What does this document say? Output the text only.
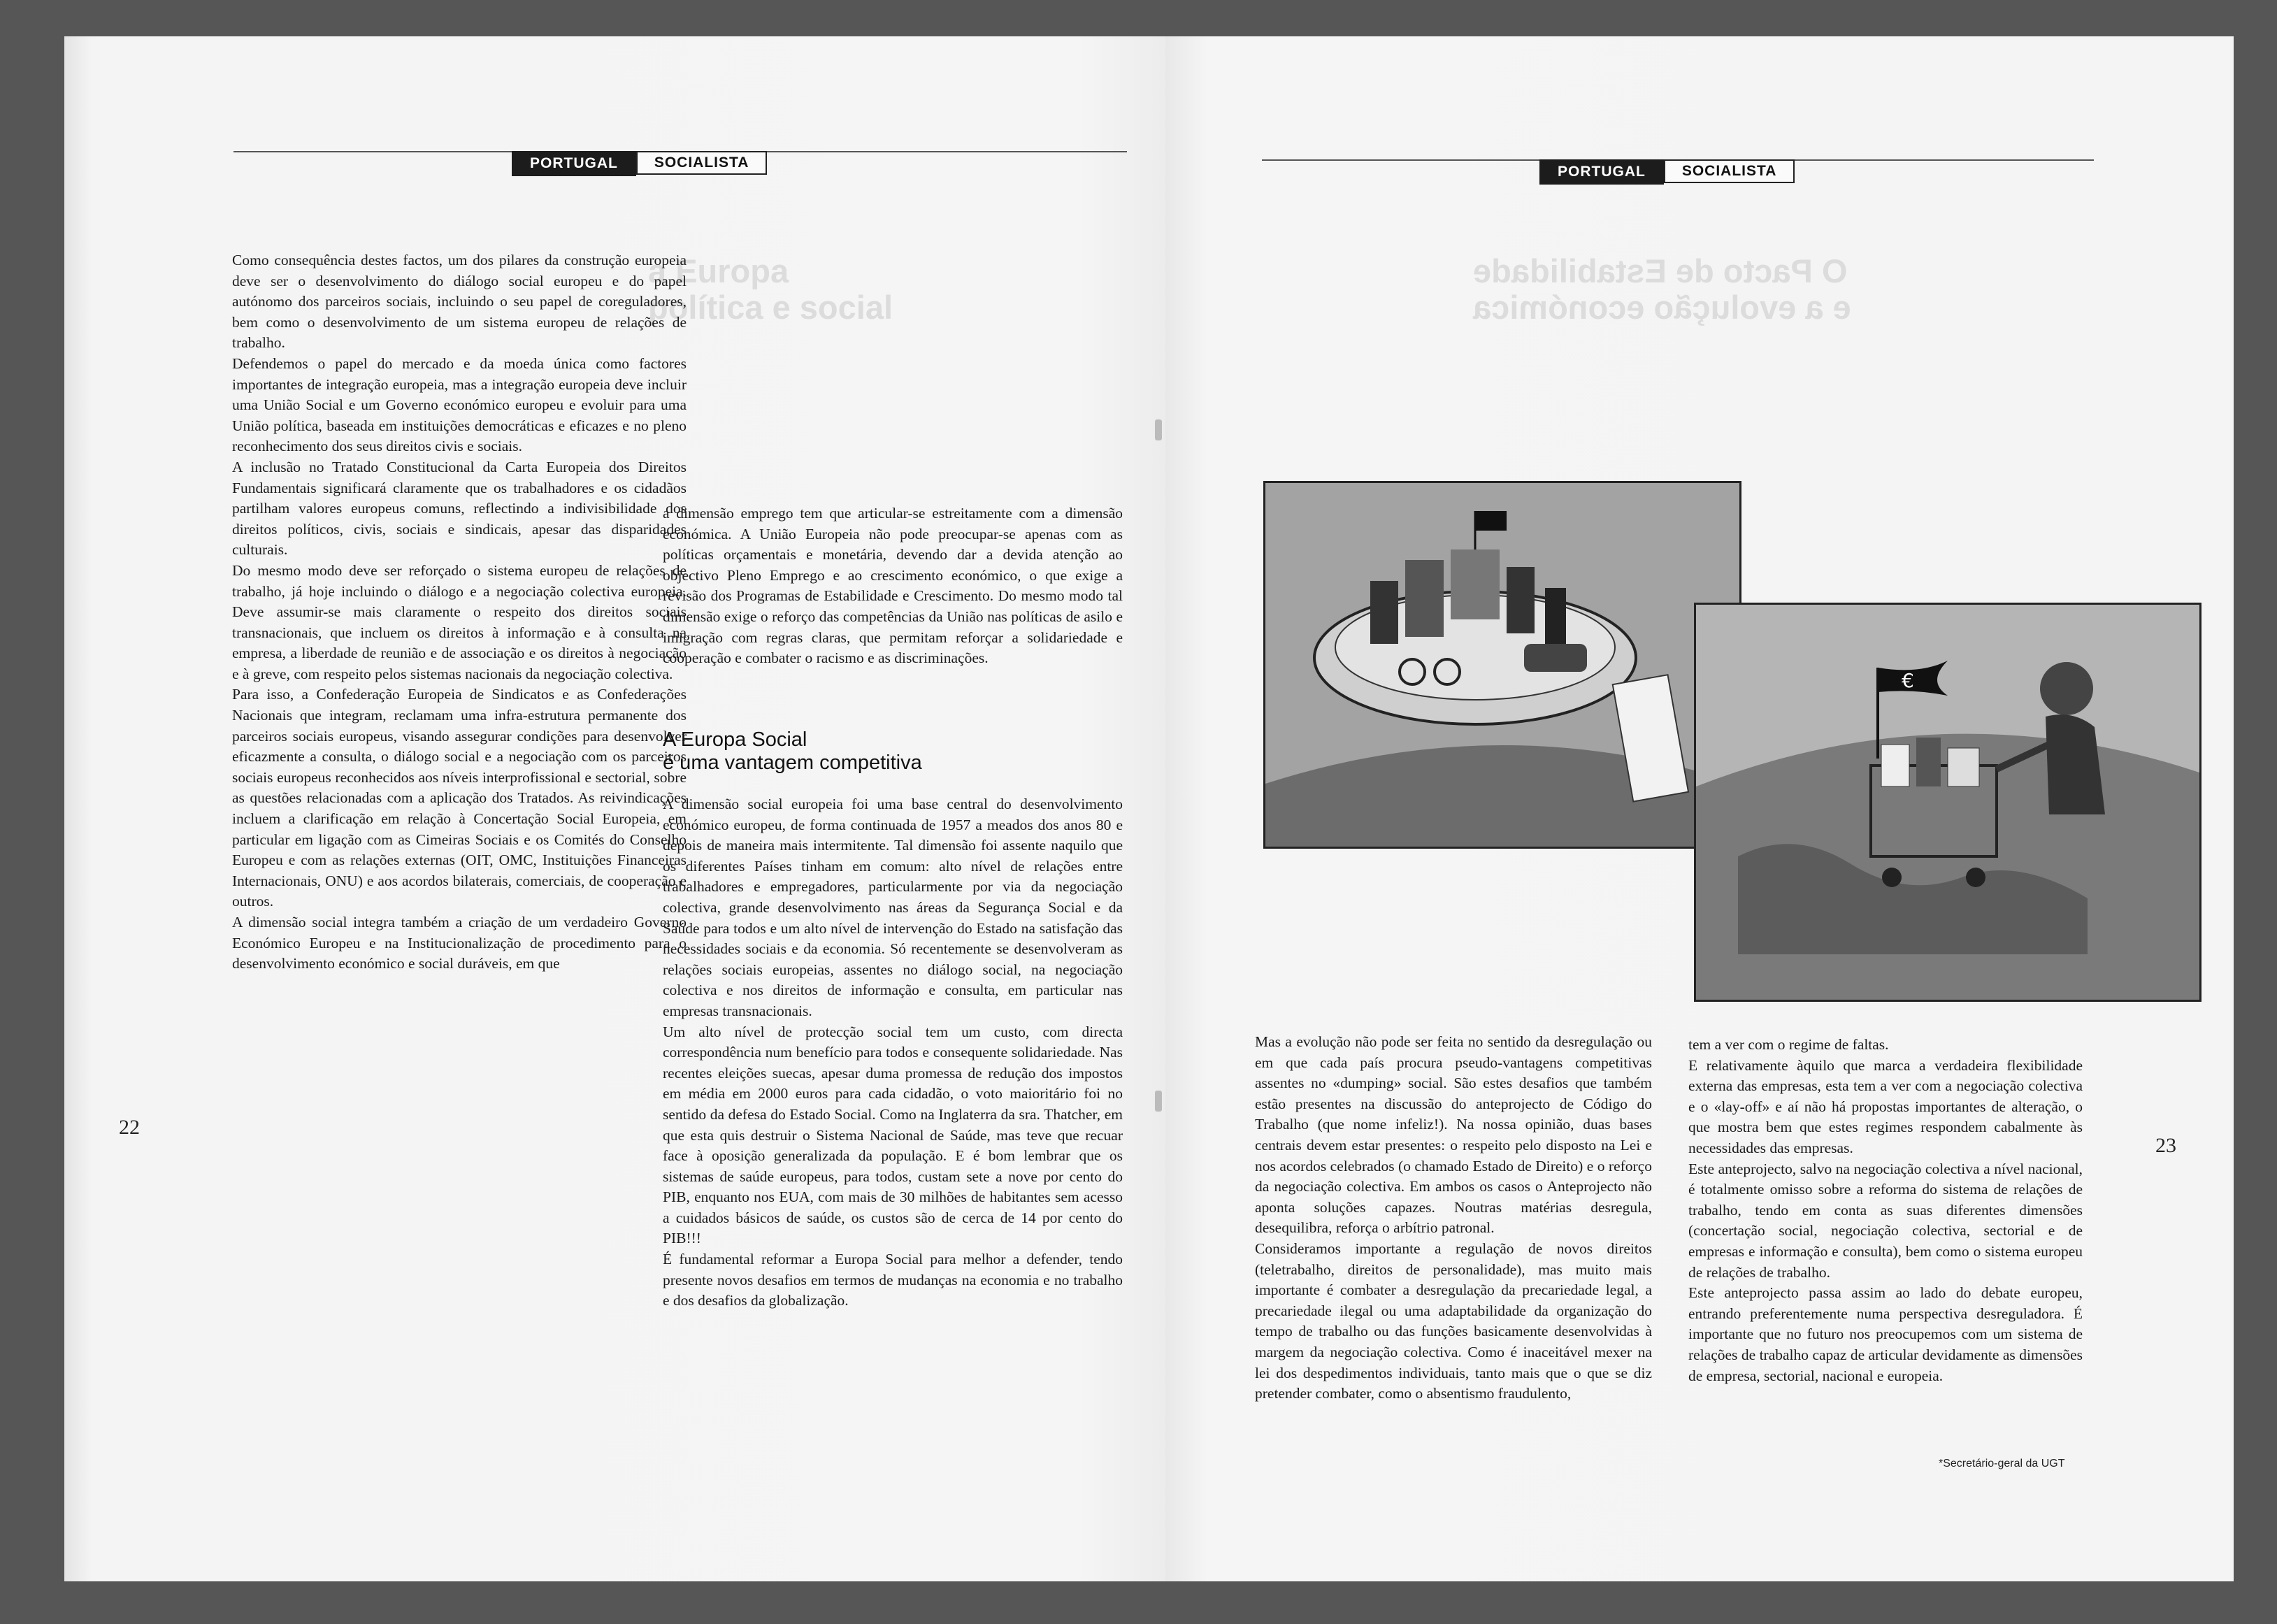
PORTUGAL	SOCIALISTA
a Europa
política e social

Como consequência destes factos, um dos pilares da construção europeia deve ser o desenvolvimento do diálogo social europeu e do papel autónomo dos parceiros sociais, incluindo o seu papel de coreguladores, bem como o desenvolvimento de um sistema europeu de relações de trabalho.

Defendemos o papel do mercado e da moeda única como factores importantes de integração europeia, mas a integração europeia deve incluir uma União Social e um Governo económico europeu e evoluir para uma União política, baseada em instituições democráticas e eficazes e no pleno reconhecimento dos seus direitos civis e sociais.

A inclusão no Tratado Constitucional da Carta Europeia dos Direitos Fundamentais significará claramente que os trabalhadores e os cidadãos partilham valores europeus comuns, reflectindo a indivisibilidade dos direitos políticos, civis, sociais e sindicais, apesar das disparidades culturais.

Do mesmo modo deve ser reforçado o sistema europeu de relações de trabalho, já hoje incluindo o diálogo e a negociação colectiva europeia. Deve assumir-se mais claramente o respeito dos direitos sociais transnacionais, que incluem os direitos à informação e à consulta na empresa, a liberdade de reunião e de associação e os direitos à negociação e à greve, com respeito pelos sistemas nacionais da negociação colectiva.

Para isso, a Confederação Europeia de Sindicatos e as Confederações Nacionais que integram, reclamam uma infra-estrutura permanente dos parceiros sociais europeus, visando assegurar condições para desenvolver eficazmente a consulta, o diálogo social e a negociação com os parceiros sociais europeus reconhecidos aos níveis interprofissional e sectorial, sobre as questões relacionadas com a aplicação dos Tratados. As reivindicações incluem a clarificação em relação à Concertação Social Europeia, em particular em ligação com as Cimeiras Sociais e os Comités do Conselho Europeu e com as relações externas (OIT, OMC, Instituições Financeiras Internacionais, ONU) e aos acordos bilaterais, comerciais, de cooperação e outros.

A dimensão social integra também a criação de um verdadeiro Governo Económico Europeu e na Institucionalização de procedimento para o desenvolvimento económico e social duráveis, em que

a dimensão emprego tem que articular-se estreitamente com a dimensão económica. A União Europeia não pode preocupar-se apenas com as políticas orçamentais e monetária, devendo dar a devida atenção ao objectivo Pleno Emprego e ao crescimento económico, o que exige a revisão dos Programas de Estabilidade e Crescimento. Do mesmo modo tal dimensão exige o reforço das competências da União nas políticas de asilo e imigração com regras claras, que permitam reforçar a solidariedade e cooperação e combater o racismo e as discriminações.

A Europa Social
é uma vantagem competitiva

A dimensão social europeia foi uma base central do desenvolvimento económico europeu, de forma continuada de 1957 a meados dos anos 80 e depois de maneira mais intermitente. Tal dimensão foi assente naquilo que os diferentes Países tinham em comum: alto nível de relações entre trabalhadores e empregadores, particularmente por via da negociação colectiva, grande desenvolvimento nas áreas da Segurança Social e da Saúde para todos e um alto nível de intervenção do Estado na satisfação das necessidades sociais e da economia. Só recentemente se desenvolveram as relações sociais europeias, assentes no diálogo social, na negociação colectiva e nos direitos de informação e consulta, em particular nas empresas transnacionais.

Um alto nível de protecção social tem um custo, com directa correspondência num benefício para todos e consequente solidariedade. Nas recentes eleições suecas, apesar duma promessa de redução dos impostos em média em 2000 euros para cada cidadão, o voto maioritário foi no sentido da defesa do Estado Social. Como na Inglaterra da sra. Thatcher, em que esta quis destruir o Sistema Nacional de Saúde, mas teve que recuar face à oposição generalizada da população. E é bom lembrar que os sistemas de saúde europeus, para todos, custam sete a nove por cento do PIB, enquanto nos EUA, com mais de 30 milhões de habitantes sem acesso a cuidados básicos de saúde, os custos são de cerca de 14 por cento do PIB!!!

É fundamental reformar a Europa Social para melhor a defender, tendo presente novos desafios em termos de mudanças na economia e no trabalho e dos desafios da globalização.

22
PORTUGAL	SOCIALISTA
O Pacto de Estabilidade
e a evolução económica
€

Mas a evolução não pode ser feita no sentido da desregulação ou em que cada país procura pseudo-vantagens competitivas assentes no «dumping» social. São estes desafios que também estão presentes na discussão do anteprojecto de Código do Trabalho (que nome infeliz!). Na nossa opinião, duas bases centrais devem estar presentes: o respeito pelo disposto na Lei e nos acordos celebrados (o chamado Estado de Direito) e o reforço da negociação colectiva. Em ambos os casos o Anteprojecto não aponta soluções capazes. Noutras matérias desregula, desequilibra, reforça o arbítrio patronal.

Consideramos importante a regulação de novos direitos (teletrabalho, direitos de personalidade), mas muito mais importante é combater a desregulação da precariedade legal, a precariedade ilegal ou uma adaptabilidade da organização do tempo de trabalho ou das funções basicamente desenvolvidas à margem da negociação colectiva. Como é inaceitável mexer na lei dos despedimentos individuais, tanto mais que o que se diz pretender combater, como o absentismo fraudulento,

tem a ver com o regime de faltas.

E relativamente àquilo que marca a verdadeira flexibilidade externa das empresas, esta tem a ver com a negociação colectiva e o «lay-off» e aí não há propostas importantes de alteração, o que mostra bem que estes regimes respondem cabalmente às necessidades das empresas.

Este anteprojecto, salvo na negociação colectiva a nível nacional, é totalmente omisso sobre a reforma do sistema de relações de trabalho, tendo em conta as suas diferentes dimensões (concertação social, negociação colectiva, sectorial e de empresas e informação e consulta), bem como o sistema europeu de relações de trabalho.

Este anteprojecto passa assim ao lado do debate europeu, entrando preferentemente numa perspectiva desreguladora. É importante que no futuro nos preocupemos com um sistema de relações de trabalho capaz de articular devidamente as dimensões de empresa, sectorial, nacional e europeia.

*Secretário-geral da UGT
23
